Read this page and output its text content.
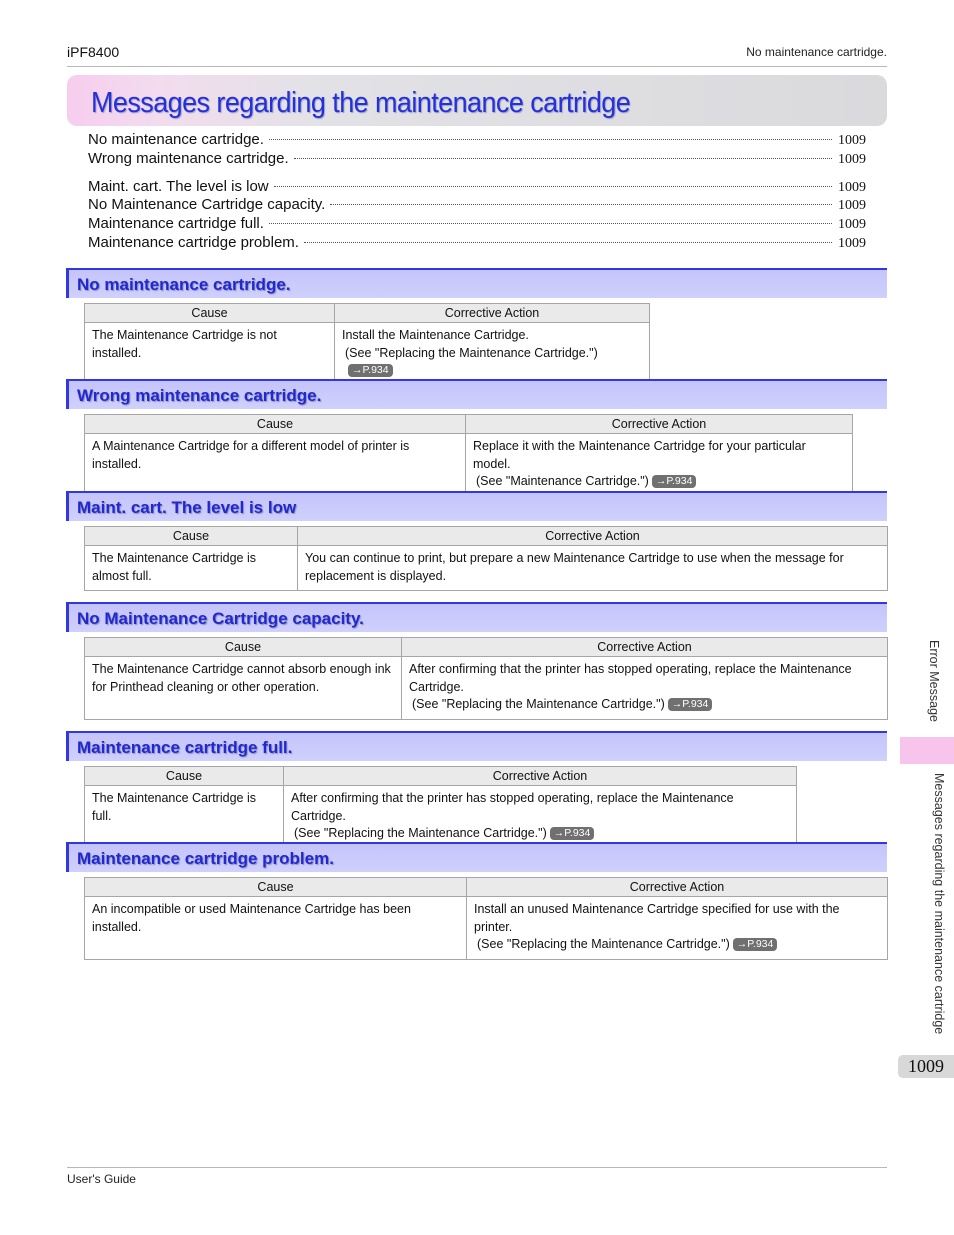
iPF8400	No maintenance cartridge.
Messages regarding the maintenance cartridge
No maintenance cartridge.	1009
Wrong maintenance cartridge.	1009
Maint. cart. The level is low	1009
No Maintenance Cartridge capacity.	1009
Maintenance cartridge full.	1009
Maintenance cartridge problem.	1009
No maintenance cartridge.
Cause	Corrective Action
The Maintenance Cartridge is not installed.	Install the Maintenance Cartridge.
(See "Replacing the Maintenance Cartridge.")→P.934
Wrong maintenance cartridge.
Cause	Corrective Action
A Maintenance Cartridge for a different model of printer is installed.	Replace it with the Maintenance Cartridge for your particular model.
(See "Maintenance Cartridge.") →P.934
Maint. cart. The level is low
Cause	Corrective Action
The Maintenance Cartridge is almost full.	You can continue to print, but prepare a new Maintenance Cartridge to use when the message for replacement is displayed.
No Maintenance Cartridge capacity.
Cause	Corrective Action
The Maintenance Cartridge cannot absorb enough ink for Printhead cleaning or other operation.	After confirming that the printer has stopped operating, replace the Maintenance Cartridge.
(See "Replacing the Maintenance Cartridge.") →P.934
Maintenance cartridge full.
Cause	Corrective Action
The Maintenance Cartridge is full.	After confirming that the printer has stopped operating, replace the Maintenance Cartridge.
(See "Replacing the Maintenance Cartridge.") →P.934
Maintenance cartridge problem.
Cause	Corrective Action
An incompatible or used Maintenance Cartridge has been installed.	Install an unused Maintenance Cartridge specified for use with the printer.
(See "Replacing the Maintenance Cartridge.") →P.934
Error Message
Messages regarding the maintenance cartridge
1009
User's Guide
